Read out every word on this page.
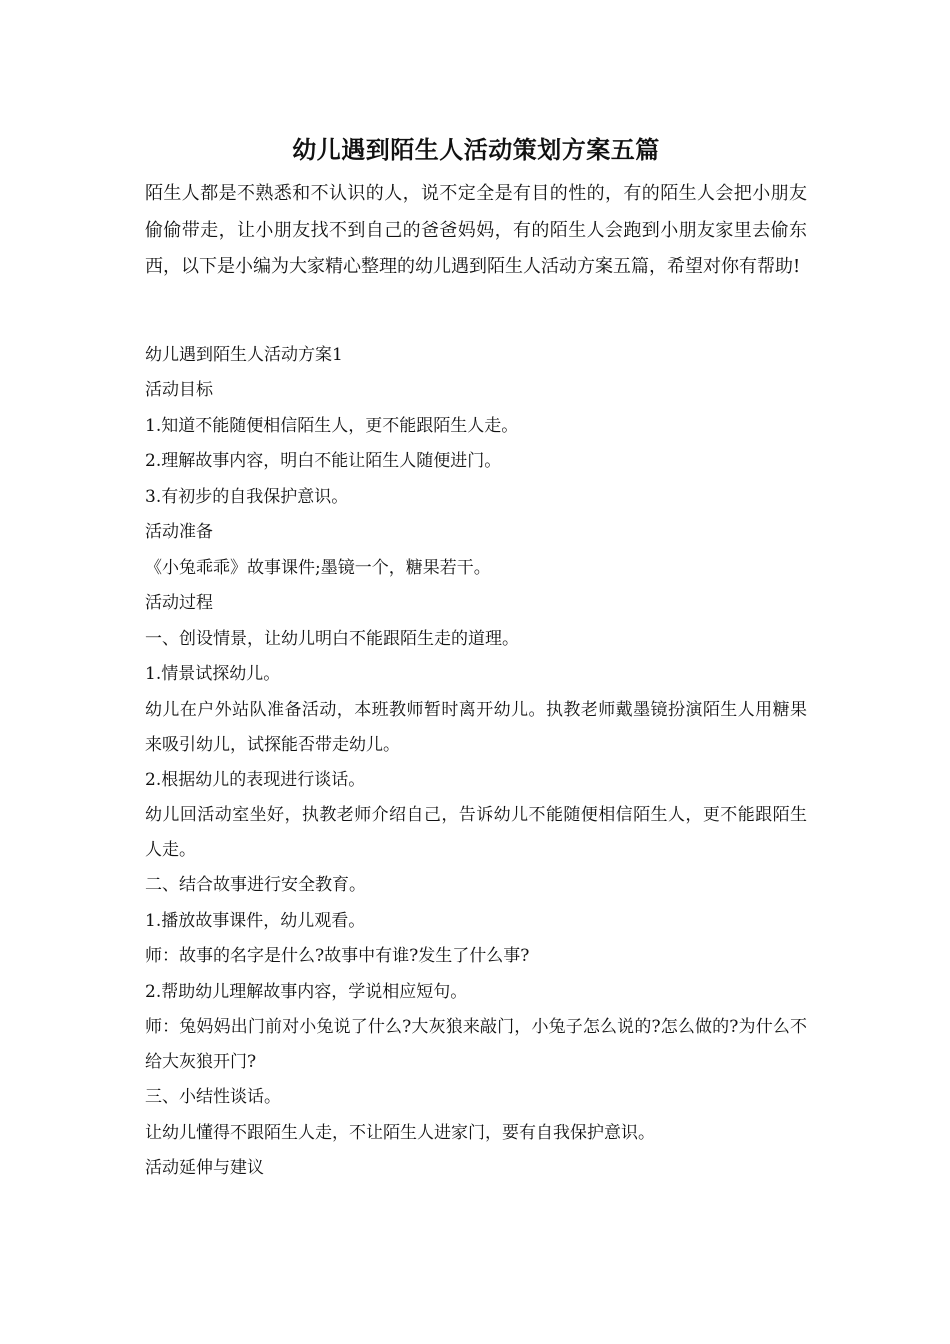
幼儿遇到陌生人活动策划方案五篇

陌生人都是不熟悉和不认识的人，说不定全是有目的性的，有的陌生人会把小朋友偷偷带走，让小朋友找不到自己的爸爸妈妈，有的陌生人会跑到小朋友家里去偷东西，以下是小编为大家精心整理的幼儿遇到陌生人活动方案五篇，希望对你有帮助!

幼儿遇到陌生人活动方案1

活动目标

1.知道不能随便相信陌生人，更不能跟陌生人走。

2.理解故事内容，明白不能让陌生人随便进门。

3.有初步的自我保护意识。

活动准备

《小兔乖乖》故事课件;墨镜一个，糖果若干。

活动过程

一、创设情景，让幼儿明白不能跟陌生走的道理。

1.情景试探幼儿。

幼儿在户外站队准备活动，本班教师暂时离开幼儿。执教老师戴墨镜扮演陌生人用糖果来吸引幼儿，试探能否带走幼儿。

2.根据幼儿的表现进行谈话。

幼儿回活动室坐好，执教老师介绍自己，告诉幼儿不能随便相信陌生人，更不能跟陌生人走。

二、结合故事进行安全教育。

1.播放故事课件，幼儿观看。

师：故事的名字是什么?故事中有谁?发生了什么事?

2.帮助幼儿理解故事内容，学说相应短句。

师：兔妈妈出门前对小兔说了什么?大灰狼来敲门，小兔子怎么说的?怎么做的?为什么不给大灰狼开门?

三、小结性谈话。

让幼儿懂得不跟陌生人走，不让陌生人进家门，要有自我保护意识。

活动延伸与建议
